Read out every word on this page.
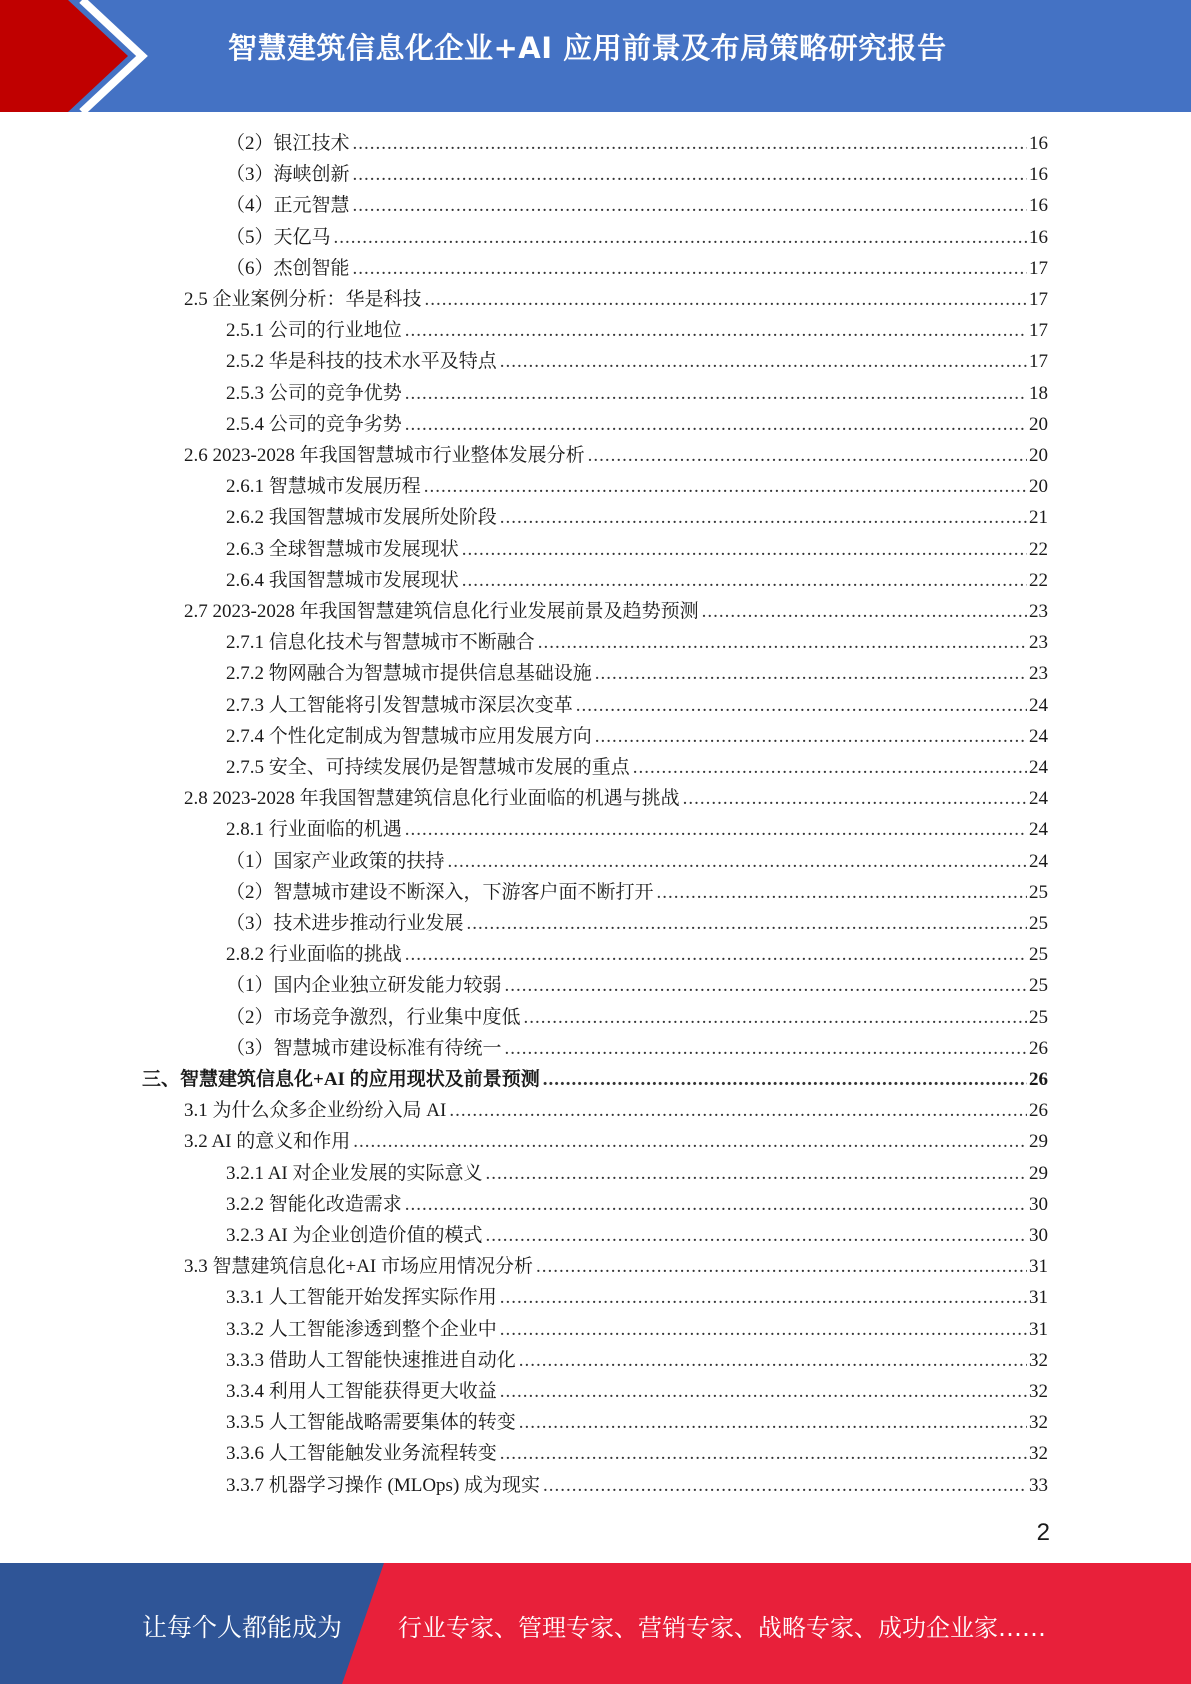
智慧建筑信息化企业+AI 应用前景及布局策略研究报告
（2）银江技术 .....	16
（3）海峡创新 .....	16
（4）正元智慧 .....	16
（5）天亿马 .....	16
（6）杰创智能 .....	17
2.5 企业案例分析：华是科技 .....	17
2.5.1 公司的行业地位 .....	17
2.5.2 华是科技的技术水平及特点 .....	17
2.5.3 公司的竞争优势 .....	18
2.5.4 公司的竞争劣势 .....	20
2.6 2023-2028 年我国智慧城市行业整体发展分析 .....	20
2.6.1 智慧城市发展历程 .....	20
2.6.2 我国智慧城市发展所处阶段 .....	21
2.6.3 全球智慧城市发展现状 .....	22
2.6.4 我国智慧城市发展现状 .....	22
2.7 2023-2028 年我国智慧建筑信息化行业发展前景及趋势预测 .....	23
2.7.1 信息化技术与智慧城市不断融合 .....	23
2.7.2 物网融合为智慧城市提供信息基础设施 .....	23
2.7.3 人工智能将引发智慧城市深层次变革 .....	24
2.7.4 个性化定制成为智慧城市应用发展方向 .....	24
2.7.5 安全、可持续发展仍是智慧城市发展的重点 .....	24
2.8 2023-2028 年我国智慧建筑信息化行业面临的机遇与挑战 .....	24
2.8.1 行业面临的机遇 .....	24
（1）国家产业政策的扶持 .....	24
（2）智慧城市建设不断深入，下游客户面不断打开 .....	25
（3）技术进步推动行业发展 .....	25
2.8.2 行业面临的挑战 .....	25
（1）国内企业独立研发能力较弱 .....	25
（2）市场竞争激烈，行业集中度低 .....	25
（3）智慧城市建设标准有待统一 .....	26
三、智慧建筑信息化+AI 的应用现状及前景预测 .....	26
3.1 为什么众多企业纷纷入局 AI .....	26
3.2 AI 的意义和作用 .....	29
3.2.1 AI 对企业发展的实际意义 .....	29
3.2.2 智能化改造需求 .....	30
3.2.3 AI 为企业创造价值的模式 .....	30
3.3 智慧建筑信息化+AI 市场应用情况分析 .....	31
3.3.1 人工智能开始发挥实际作用 .....	31
3.3.2 人工智能渗透到整个企业中 .....	31
3.3.3 借助人工智能快速推进自动化 .....	32
3.3.4 利用人工智能获得更大收益 .....	32
3.3.5 人工智能战略需要集体的转变 .....	32
3.3.6 人工智能触发业务流程转变 .....	32
3.3.7 机器学习操作 (MLOps) 成为现实 .....	33
2
让每个人都能成为 行业专家、管理专家、营销专家、战略专家、成功企业家……
